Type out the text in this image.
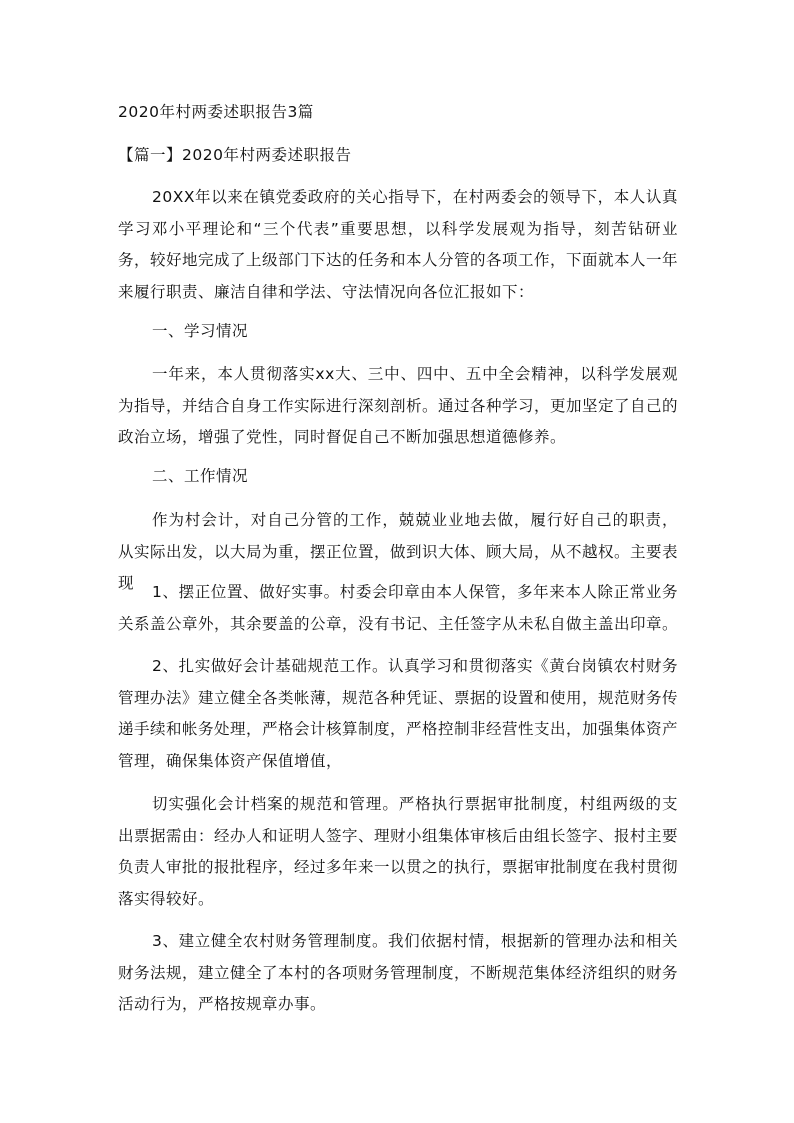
2020年村两委述职报告3篇

【篇一】2020年村两委述职报告

20XX年以来在镇党委政府的关心指导下，在村两委会的领导下，本人认真学习邓小平理论和“三个代表”重要思想，以科学发展观为指导，刻苦钻研业务，较好地完成了上级部门下达的任务和本人分管的各项工作，下面就本人一年来履行职责、廉洁自律和学法、守法情况向各位汇报如下：

一、学习情况

一年来，本人贯彻落实xx大、三中、四中、五中全会精神，以科学发展观为指导，并结合自身工作实际进行深刻剖析。通过各种学习，更加坚定了自己的政治立场，增强了党性，同时督促自己不断加强思想道德修养。

二、工作情况

作为村会计，对自己分管的工作，兢兢业业地去做，履行好自己的职责，从实际出发，以大局为重，摆正位置，做到识大体、顾大局，从不越权。主要表现	1、摆正位置、做好实事。村委会印章由本人保管，多年来本人除正常业务关系盖公章外，其余要盖的公章，没有书记、主任签字从未私自做主盖出印章。

2、扎实做好会计基础规范工作。认真学习和贯彻落实《黄台岗镇农村财务管理办法》建立健全各类帐薄，规范各种凭证、票据的设置和使用，规范财务传递手续和帐务处理，严格会计核算制度，严格控制非经营性支出，加强集体资产管理，确保集体资产保值增值，

切实强化会计档案的规范和管理。严格执行票据审批制度，村组两级的支出票据需由：经办人和证明人签字、理财小组集体审核后由组长签字、报村主要负责人审批的报批程序，经过多年来一以贯之的执行，票据审批制度在我村贯彻落实得较好。

3、建立健全农村财务管理制度。我们依据村情，根据新的管理办法和相关财务法规，建立健全了本村的各项财务管理制度，不断规范集体经济组织的财务活动行为，严格按规章办事。
